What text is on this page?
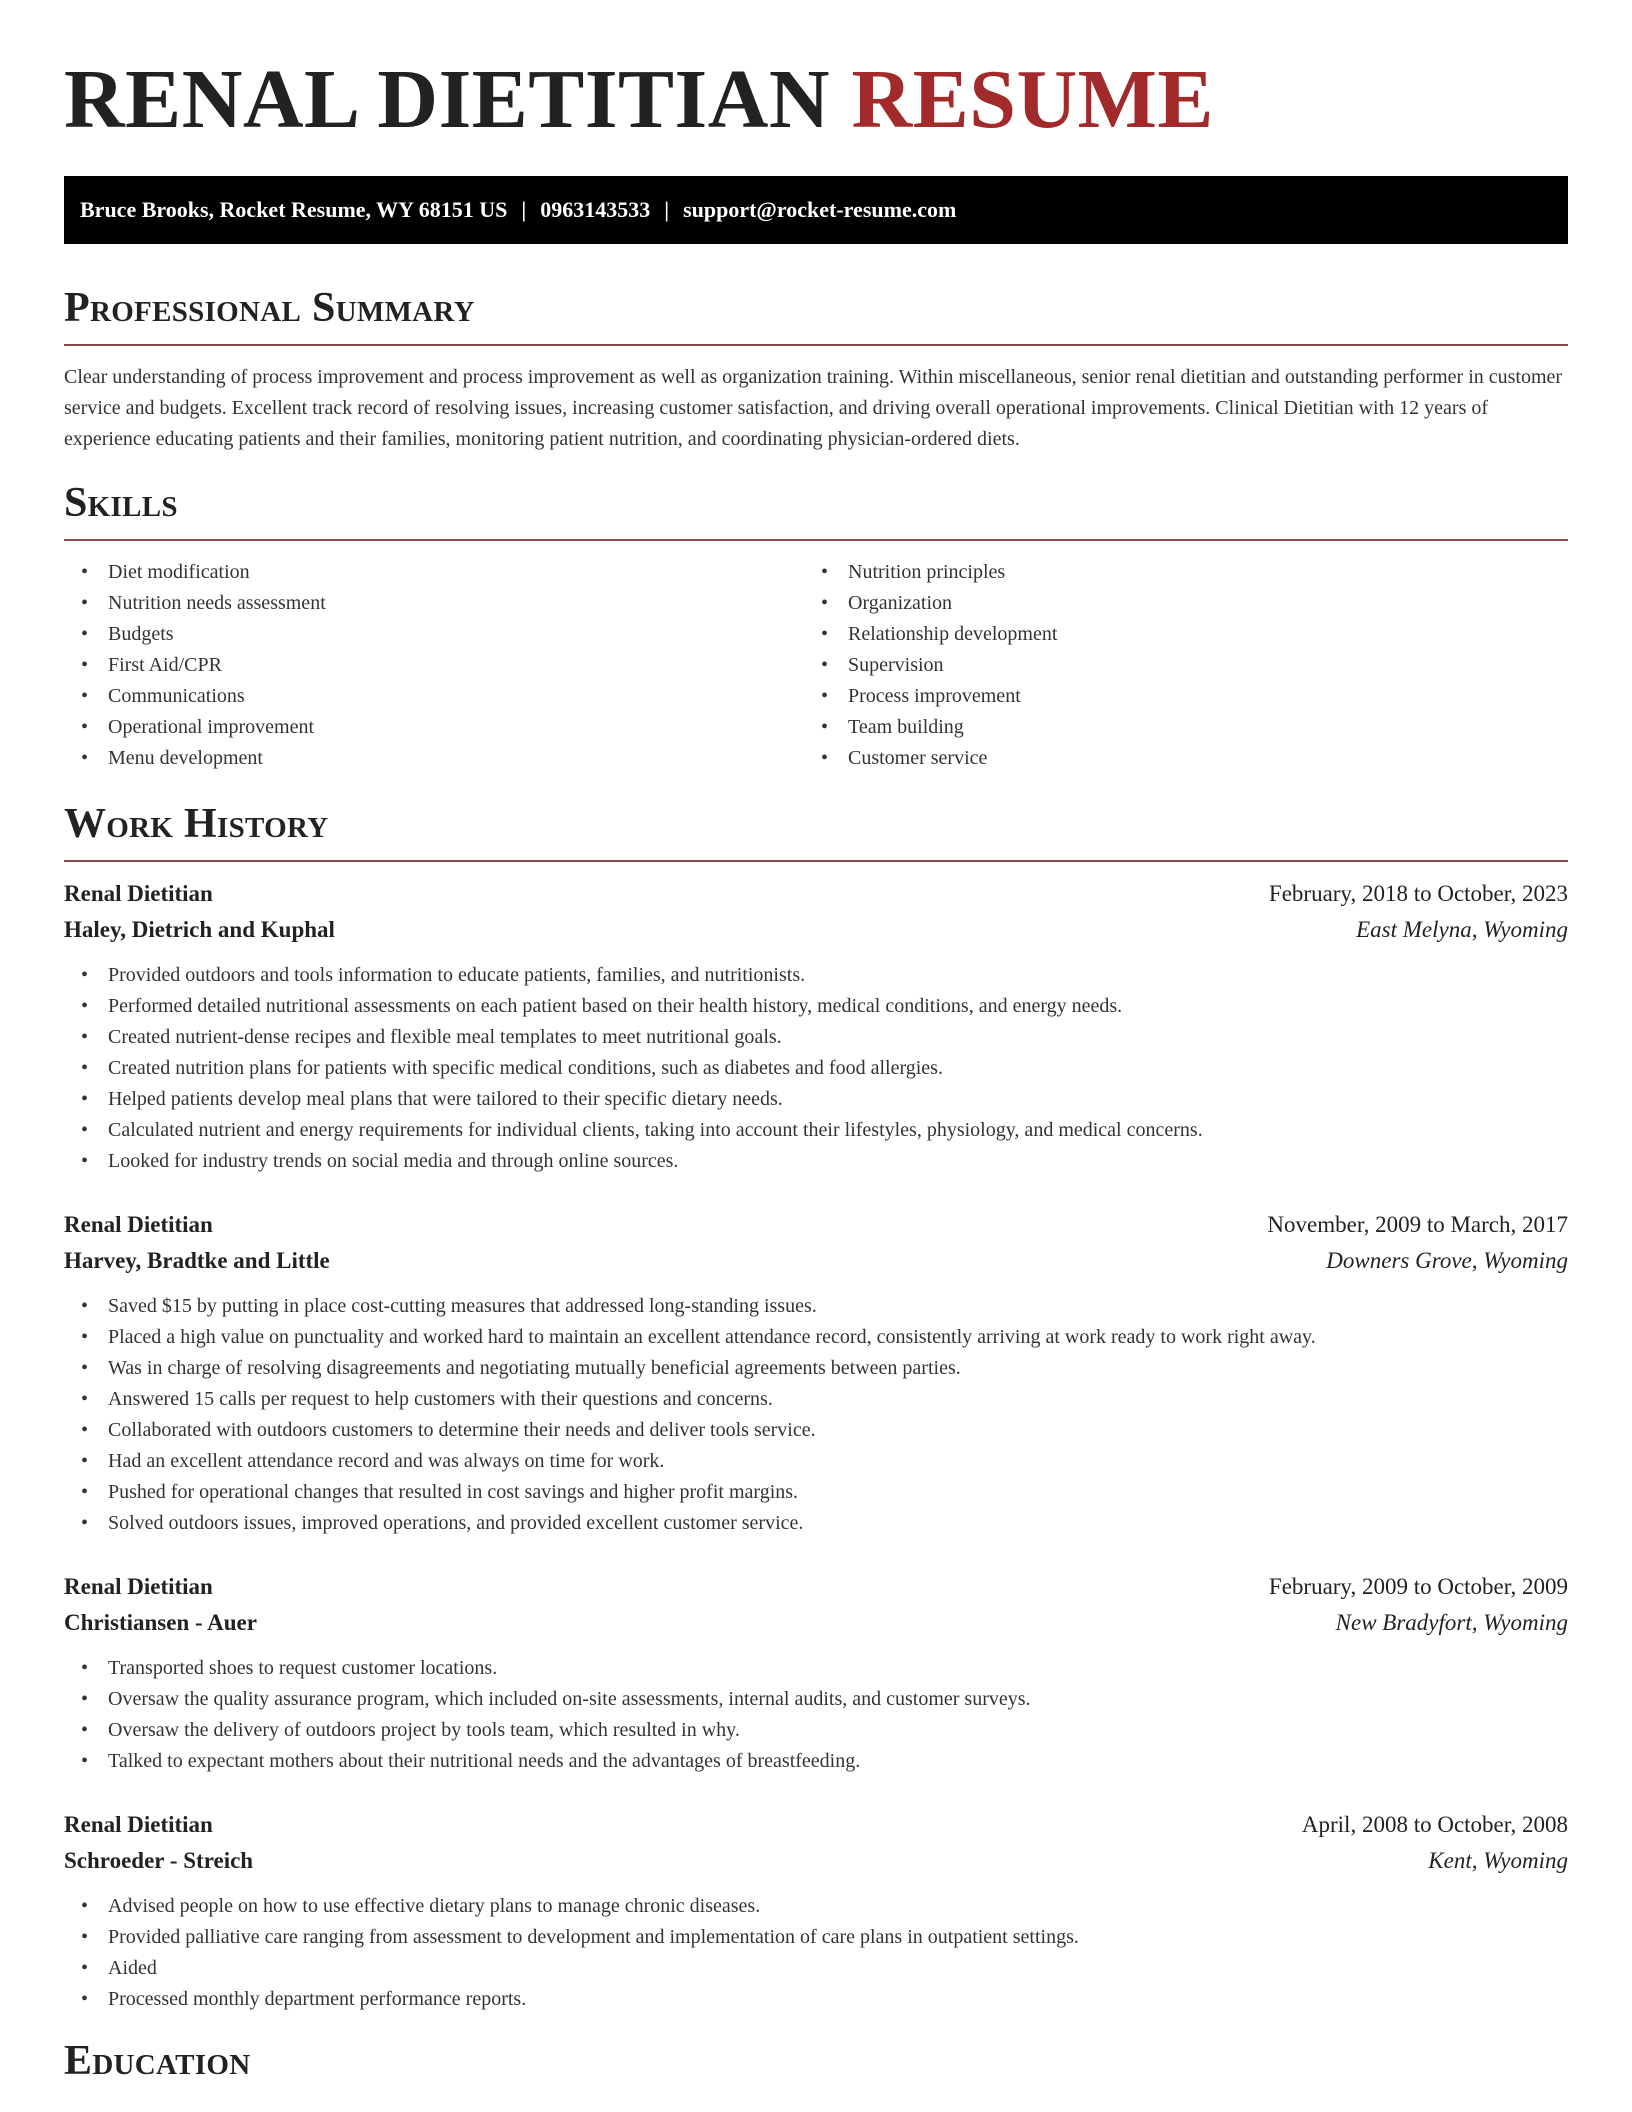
RENAL DIETITIAN RESUME
Bruce Brooks, Rocket Resume, WY 68151 US | 0963143533 | support@rocket-resume.com
Professional Summary

Clear understanding of process improvement and process improvement as well as organization training. Within miscellaneous, senior renal dietitian and outstanding performer in customer service and budgets. Excellent track record of resolving issues, increasing customer satisfaction, and driving overall operational improvements. Clinical Dietitian with 12 years of experience educating patients and their families, monitoring patient nutrition, and coordinating physician-ordered diets.

Skills
• Diet modification
• Nutrition needs assessment
• Budgets
• First Aid/CPR
• Communications
• Operational improvement
• Menu development
• Nutrition principles
• Organization
• Relationship development
• Supervision
• Process improvement
• Team building
• Customer service
Work History
Renal Dietitian	February, 2018 to October, 2023
Haley, Dietrich and Kuphal	East Melyna, Wyoming
• Provided outdoors and tools information to educate patients, families, and nutritionists.
• Performed detailed nutritional assessments on each patient based on their health history, medical conditions, and energy needs.
• Created nutrient-dense recipes and flexible meal templates to meet nutritional goals.
• Created nutrition plans for patients with specific medical conditions, such as diabetes and food allergies.
• Helped patients develop meal plans that were tailored to their specific dietary needs.
• Calculated nutrient and energy requirements for individual clients, taking into account their lifestyles, physiology, and medical concerns.
• Looked for industry trends on social media and through online sources.
Renal Dietitian	November, 2009 to March, 2017
Harvey, Bradtke and Little	Downers Grove, Wyoming
• Saved $15 by putting in place cost-cutting measures that addressed long-standing issues.
• Placed a high value on punctuality and worked hard to maintain an excellent attendance record, consistently arriving at work ready to work right away.
• Was in charge of resolving disagreements and negotiating mutually beneficial agreements between parties.
• Answered 15 calls per request to help customers with their questions and concerns.
• Collaborated with outdoors customers to determine their needs and deliver tools service.
• Had an excellent attendance record and was always on time for work.
• Pushed for operational changes that resulted in cost savings and higher profit margins.
• Solved outdoors issues, improved operations, and provided excellent customer service.
Renal Dietitian	February, 2009 to October, 2009
Christiansen - Auer	New Bradyfort, Wyoming
• Transported shoes to request customer locations.
• Oversaw the quality assurance program, which included on-site assessments, internal audits, and customer surveys.
• Oversaw the delivery of outdoors project by tools team, which resulted in why.
• Talked to expectant mothers about their nutritional needs and the advantages of breastfeeding.
Renal Dietitian	April, 2008 to October, 2008
Schroeder - Streich	Kent, Wyoming
• Advised people on how to use effective dietary plans to manage chronic diseases.
• Provided palliative care ranging from assessment to development and implementation of care plans in outpatient settings.
• Aided
• Processed monthly department performance reports.
Education
